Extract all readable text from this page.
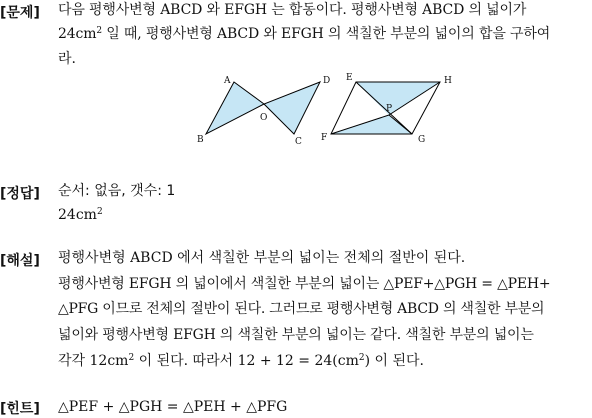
[문제] 다음 평행사변형 ABCD 와 EFGH 는 합동이다. 평행사변형 ABCD 의 넓이가
$24cm^2$ 일 때, 평행사변형 ABCD 와 EFGH 의 색칠한 부분의 넓이의 합을 구하여
라.
A
B	C
D
O
E
F	G
H
P
[정답] 순서: 없음, 갯수: 1
$24cm^2$
[해설] 평행사변형 ABCD 에서 색칠한 부분의 넓이는 전체의 절반이 된다.
평행사변형 EFGH 의 넓이에서 색칠한 부분의 넓이는 △PEF+△PGH = △PEH+
△PFG 이므로 전체의 절반이 된다. 그러므로 평행사변형 ABCD 의 색칠한 부분의
넓이와 평행사변형 EFGH 의 색칠한 부분의 넓이는 같다. 색칠한 부분의 넓이는
각각 $12cm^2$ 이 된다. 따라서 $12 + 12 = 24(cm^2)$ 이 된다.
[힌트] △PEF + △PGH = △PEH + △PFG
